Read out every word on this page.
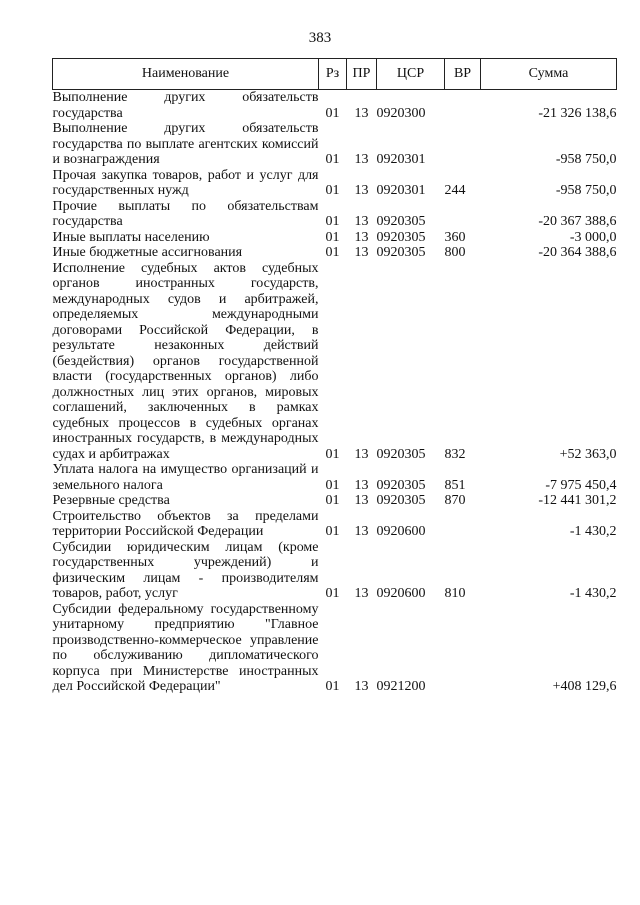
383
Наименование	Рз	ПР	ЦСР	ВР	Сумма
Выполнение других обязательств государства	01	13	0920300		-21 326 138,6
Выполнение других обязательств государства по выплате агентских комиссий и вознаграждения	01	13	0920301		-958 750,0
Прочая закупка товаров, работ и услуг для государственных нужд	01	13	0920301	244	-958 750,0
Прочие выплаты по обязательствам государства	01	13	0920305		-20 367 388,6
Иные выплаты населению	01	13	0920305	360	-3 000,0
Иные бюджетные ассигнования	01	13	0920305	800	-20 364 388,6
Исполнение судебных актов судебных органов иностранных государств, международных судов и арбитражей, определяемых международными договорами Российской Федерации, в результате незаконных действий (бездействия) органов государственной власти (государственных органов) либо должностных лиц этих органов, мировых соглашений, заключенных в рамках судебных процессов в судебных органах иностранных государств, в международных судах и арбитражах	01	13	0920305	832	+52 363,0
Уплата налога на имущество организаций и земельного налога	01	13	0920305	851	-7 975 450,4
Резервные средства	01	13	0920305	870	-12 441 301,2
Строительство объектов за пределами территории Российской Федерации	01	13	0920600		-1 430,2
Субсидии юридическим лицам (кроме государственных учреждений) и физическим лицам - производителям товаров, работ, услуг	01	13	0920600	810	-1 430,2
Субсидии федеральному государственному унитарному предприятию "Главное производственно-коммерческое управление по обслуживанию дипломатического корпуса при Министерстве иностранных дел Российской Федерации"	01	13	0921200		+408 129,6
